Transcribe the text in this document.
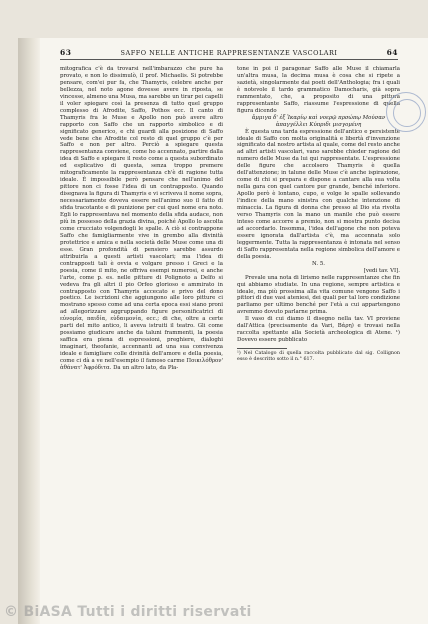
63	SAFFO NELLE ANTICHE RAPPRESENTANZE VASCOLARI	64

mitografica c'è da trovarsi nell'imbarazzo che pure ha provato, e non lo dissimulò, il prof. Michaelis. Si potrebbe pensare, com'ei pur fa, che Thamyris, celebre anche per bellezza, nel noto agone dovesse avere in riposta, se vincesse, almeno una Musa, ma sarebbe un tirar pei capelli il voler spiegare così la presenza di tutto quel gruppo complesso di Afrodite, Saffo, Pothos ecc. Il canto di Thamyris fra le Muse e Apollo non può avere altro rapporto con Saffo che un rapporto simbolico e di significato generico, e chi guardi alla posizione di Saffo vede bene che Afrodite col resto di quel gruppo c'è per Saffo e non per altro. Perciò a spiegare questa rappresentanza conviene, come ho accennato, partire dalla idea di Saffo e spiegare il resto come a questa subordinato ed esplicativo di questa, senza troppo premere mitograficamente la rappresentanza ch'è di ragione tutta ideale. È impossibile però pensare che nell'animo del pittore non ci fosse l'idea di un contrapposto. Quando disegnava la figura di Thamyris e vi scriveva il nome sopra, necessariamente doveva essere nell'animo suo il fatto di sfida tracotante e di punizione per cui quel nome era noto. Egli lo rappresentava nel momento della sfida audace, non più in possesso della grazia divina, poiché Apollo lo ascolta come crucciato volgendogli le spalle. A ciò si contrappone Saffo che famigliarmente vive in grembo alla divinità protettrice e amica e nella società delle Muse come una di esse. Gran profondità di pensiero sarebbe assurdo attribuirla a questi artisti vascolari; ma l'idea di contrapposti tali è ovvia e volgare presso i Greci e la poesia, come il mito, ne offriva esempi numerosi, e anche l'arte, come p. es. nelle pitture di Polignoto a Delfo si vedeva fra gli altri il pio Orfeo glorioso e ammirato in contrapposto con Thamyris accecato e privo del dono poetico. Le iscrizioni che aggiungono alle loro pitture ci mostrano spesso come ad una certa epoca essi siano proni ad allegorizzare aggruppando figure personificatrici di εὐνομία, παιδία, εὐδαιμονία, ecc.; di che, oltre a certe parti del mito antico, li aveva istruiti il teatro. Gli come possiamo giudicare anche da taluni frammenti, la poesia saffica era piena di espressioni, preghiere, dialoghi imaginari, theofanie, accennanti ad una sua convivenza ideale e famigliare colle divinità dell'amore e della poesia, come ci dà a ve nell'esempio il famoso carme Ποικιλόθρον' ἀθάνατ' Ἀφρόδιτα. Da un altro lato, da Pla-

tone in poi il paragonar Saffo alle Muse il chiamarla un'altra musa, la decima musa è cosa che si ripete a sazietà, singolarmente dai poeti dell'Anthologia; fra i quali è notevole il tardo grammatico Damocharis, già sopra rammentato, che, a proposito di una pittura rappresentante Saffo, riassume l'espressione di quella figura dicendo

ἄμμιγα δ' ἐξ Ἰκαρίῳ καὶ νοερῷ πρσώπῳ Μούσαν ἀπαγγέλλει Κύπριδι μισγομένη

È questa una tarda espressione dell'antico e persistente ideale di Saffo con molta originalità e libertà d'invenzione significato dal nostro artista al quale, come del resto anche ad altri artisti vascolari, vano sarebbe chieder ragione del numero delle Muse da lui qui rappresentate. L'espressione delle figure che accolsero Thamyris è quella dell'attenzione; in talune delle Muse c'è anche ispirazione, come di chi si prepara e dispone a cantare alla sua volta nella gara con quel cantore pur grande, benché inferiore. Apollo però è lontano, cupo, e volge le spalle sollevando l'indice della mano sinistra con qualche intenzione di minaccia. La figura di donna che presso al Dio sta rivolta verso Thamyris con la mano un manile che può essere inteso come accorre a premio, non si mostra punto decisa ad accordarlo. Insomma, l'idea dell'agone che non poteva essere ignorata dall'artista c'è, ma accennata solo leggermente. Tutta la rappresentanza è intonata nel senso di Saffo rappresentata nella regione simbolica dell'amore e della poesia.

N. 5.

[vedi tav. VI].

Prevale una nota di lirismo nelle rappresentanze che fin qui abbiamo studiate. In una regione, sempre artistica e ideale, ma più prossima alla vita comune vengono Saffo i pittori di due vasi ateniesi, dei quali per tal loro condizione parliamo per ultimo benché per l'età a cui appartengono avremmo dovuto parlarne prima.

Il vaso di cui diamo il disegno nella tav. VI proviene dall'Attica (precisamente da Vari, Βάρη) e trovasi nella raccolta spettante alla Società archeologica di Atene. ¹) Dovevo essere pubblicato

¹) Nel Catalogo di quella raccolta pubblicato dal sig. Collignon esso è descritto sotto il n.° 617.

© BiASA Tutti i diritti riservati
